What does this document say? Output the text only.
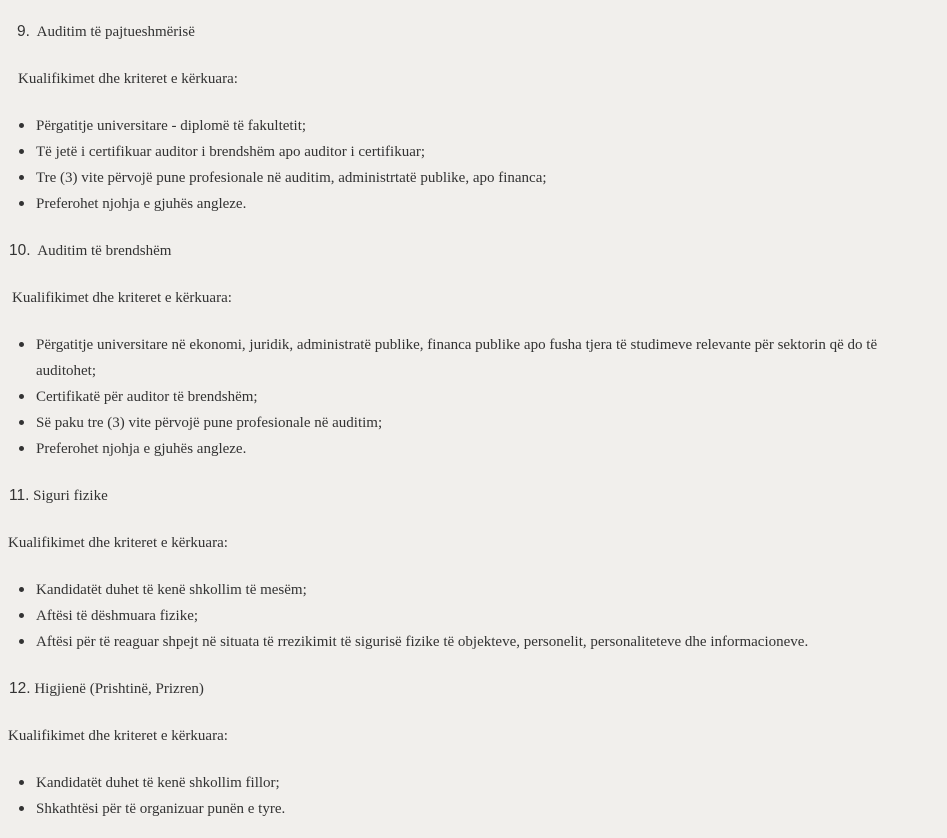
9. Auditim të pajtueshmërisë
Kualifikimet dhe kriteret e kërkuara:
Përgatitje universitare - diplomë të fakultetit;
Të jetë i certifikuar auditor i brendshëm apo auditor i certifikuar;
Tre (3) vite përvojë pune profesionale në auditim, administrtatë publike, apo financa;
Preferohet njohja e gjuhës angleze.
10. Auditim të brendshëm
Kualifikimet dhe kriteret e kërkuara:
Përgatitje universitare në ekonomi, juridik, administratë publike, financa publike apo fusha tjera të studimeve relevante për sektorin që do të auditohet;
Certifikatë për auditor të brendshëm;
Së paku tre (3) vite përvojë pune profesionale në auditim;
Preferohet njohja e gjuhës angleze.
11. Siguri fizike
Kualifikimet dhe kriteret e kërkuara:
Kandidatët duhet të kenë shkollim të mesëm;
Aftësi të dëshmuara fizike;
Aftësi për të reaguar shpejt në situata të rrezikimit të sigurisë fizike të objekteve, personelit, personaliteteve dhe informacioneve.
12. Higjienë (Prishtinë, Prizren)
Kualifikimet dhe kriteret e kërkuara:
Kandidatët duhet të kenë shkollim fillor;
Shkathtësi për të organizuar punën e tyre.
